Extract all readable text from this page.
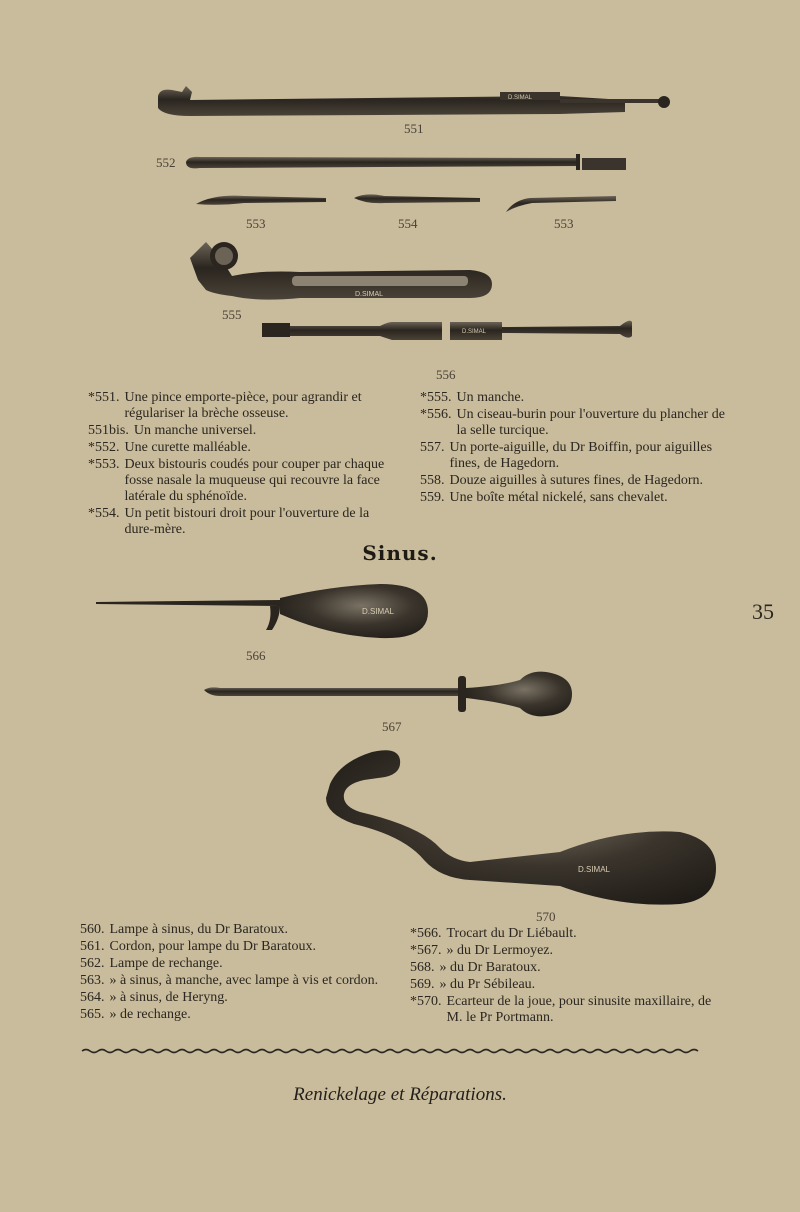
D.SIMAL
D.SIMAL
D.SIMAL
D.SIMAL
D.SIMAL
551
552
553	554	553
555
556
566
567
570
*551. Une pince emporte-pièce, pour agrandir et régulariser la brèche osseuse.
551bis. Un manche universel.
*552. Une curette malléable.
*553. Deux bistouris coudés pour couper par chaque fosse nasale la muqueuse qui recouvre la face latérale du sphénoïde.
*554. Un petit bistouri droit pour l'ouverture de la dure-mère.
*555. Un manche.
*556. Un ciseau-burin pour l'ouverture du plancher de la selle turcique.
557. Un porte-aiguille, du Dr Boiffin, pour aiguilles fines, de Hagedorn.
558. Douze aiguilles à sutures fines, de Hagedorn.
559. Une boîte métal nickelé, sans chevalet.
Sinus.
35
560. Lampe à sinus, du Dr Baratoux.
561. Cordon, pour lampe du Dr Baratoux.
562. Lampe de rechange.
563. » à sinus, à manche, avec lampe à vis et cordon.
564. » à sinus, de Heryng.
565. » de rechange.
*566. Trocart du Dr Liébault.
*567. » du Dr Lermoyez.
568. » du Dr Baratoux.
569. » du Pr Sébileau.
*570. Ecarteur de la joue, pour sinusite maxillaire, de M. le Pr Portmann.
Renickelage et Réparations.
